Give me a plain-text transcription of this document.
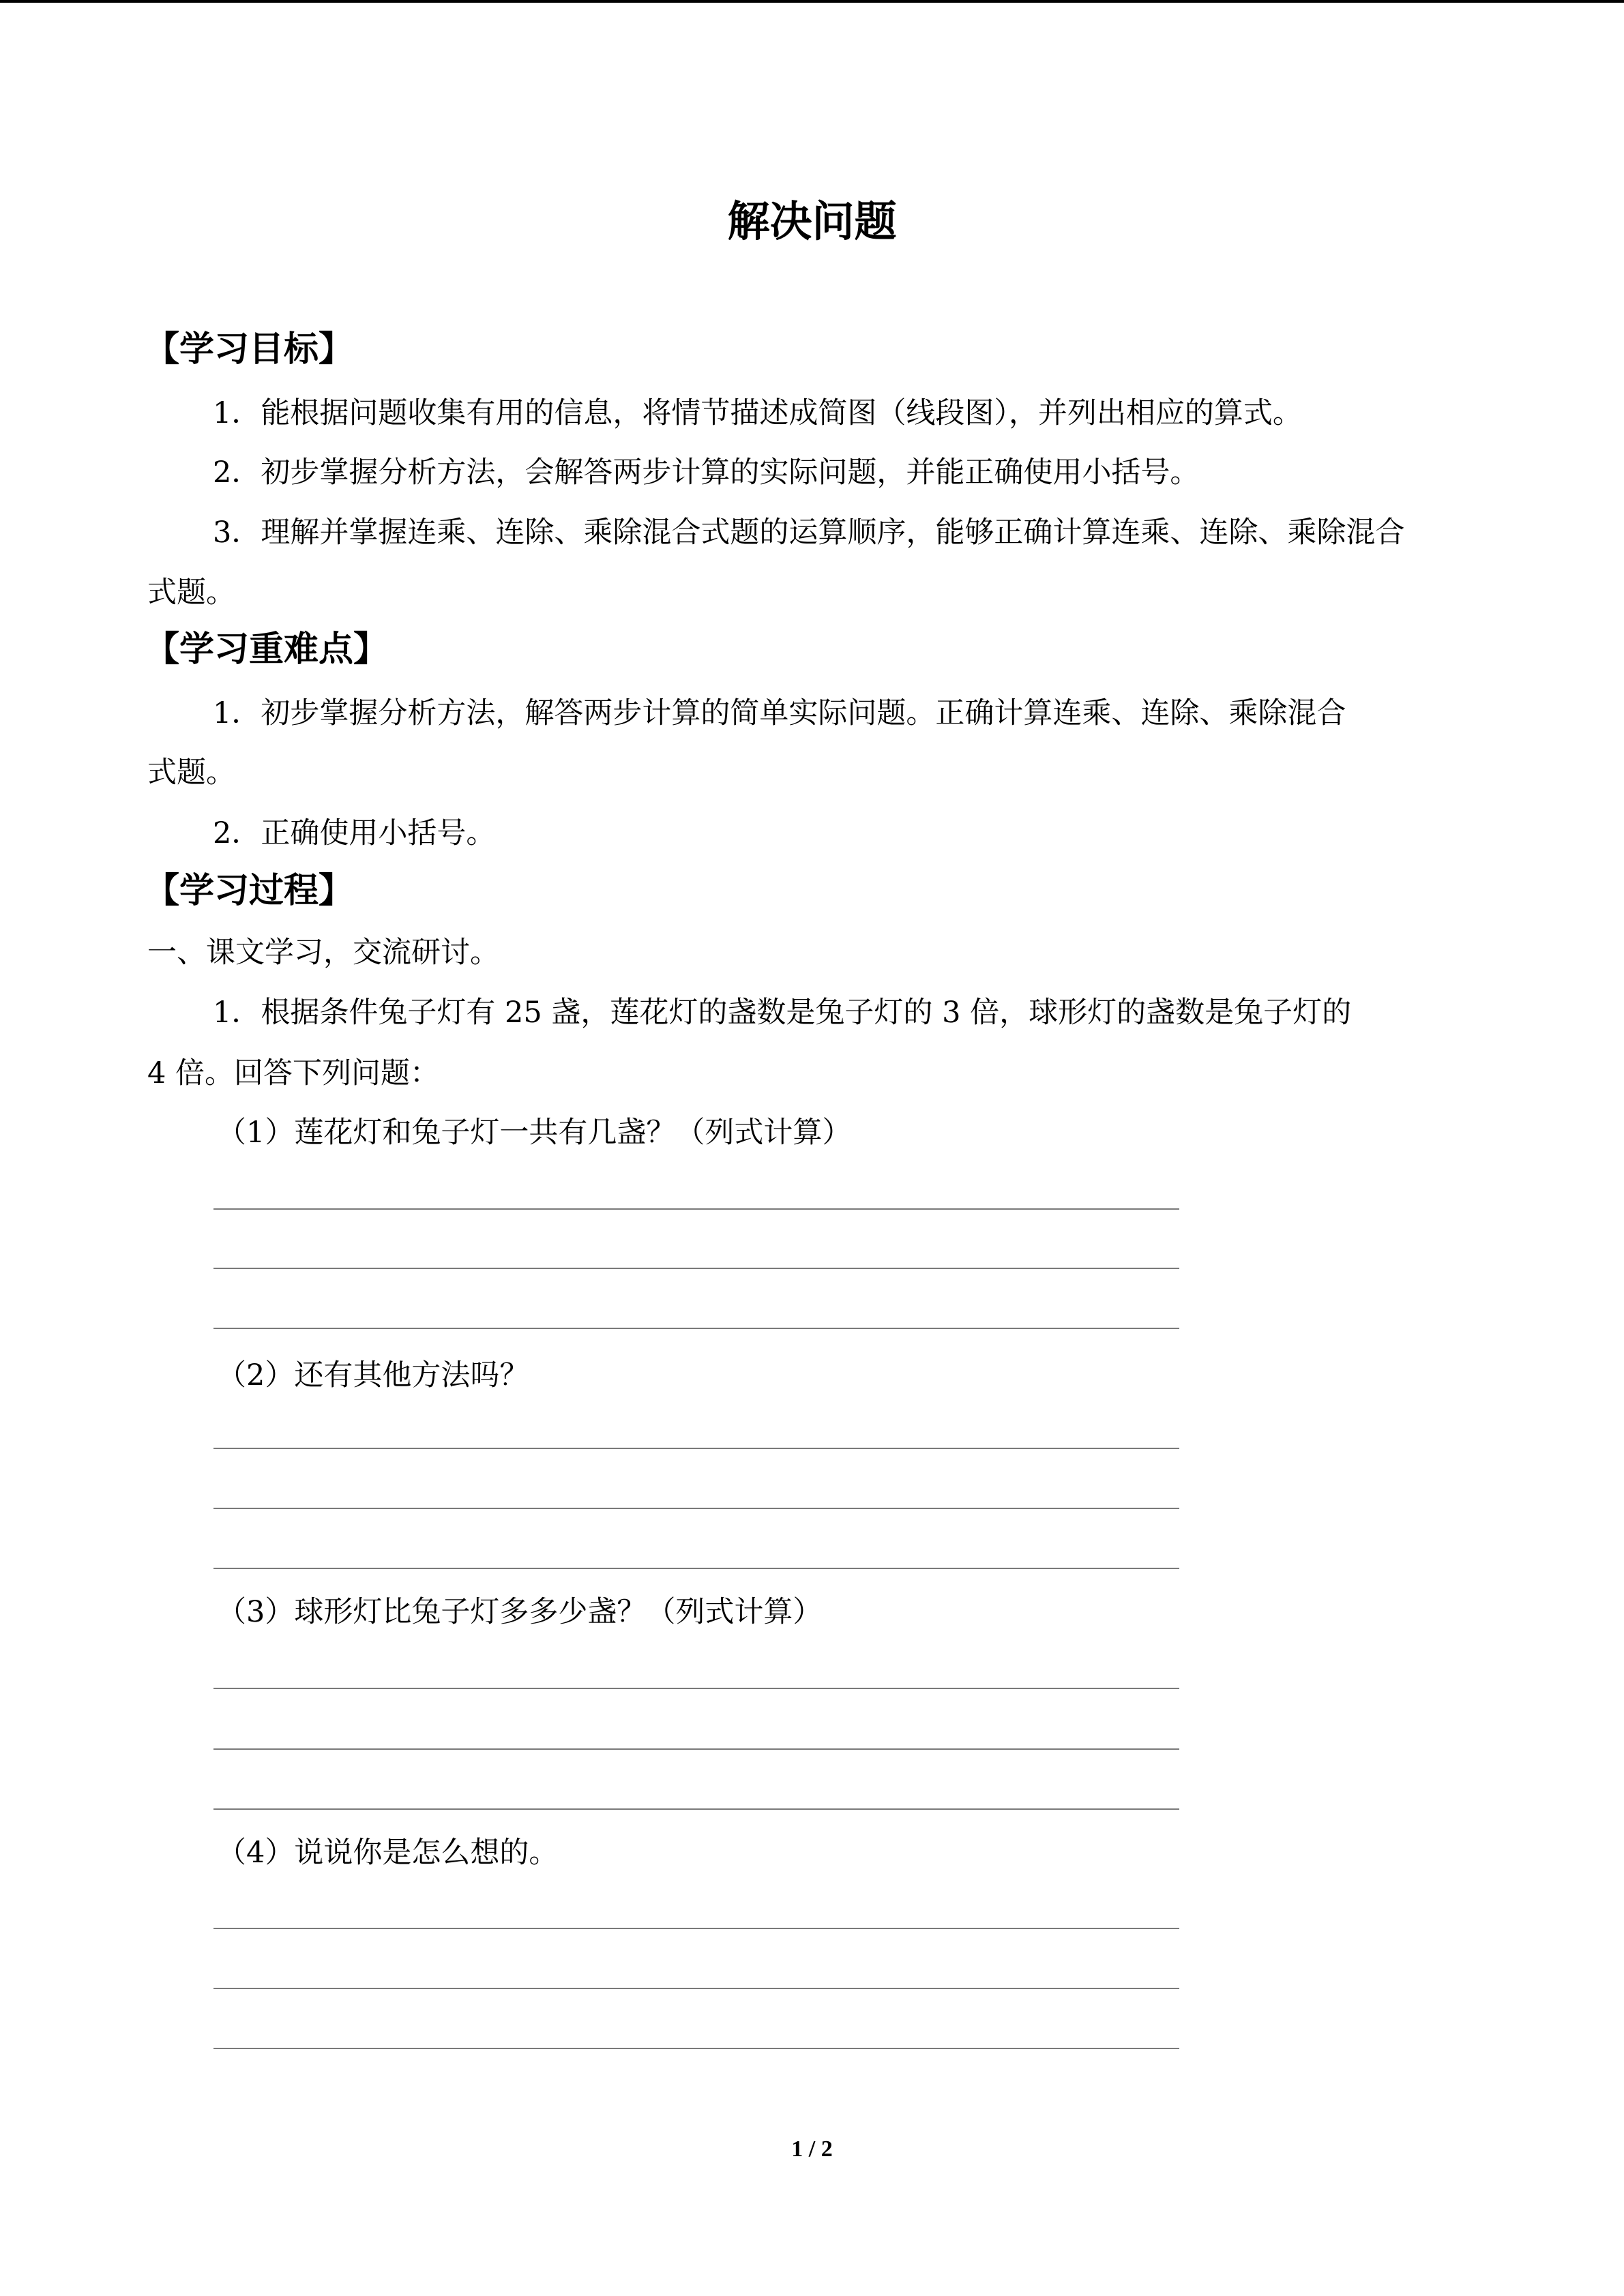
解决问题
【学习目标】
1．能根据问题收集有用的信息，将情节描述成简图（线段图），并列出相应的算式。
2．初步掌握分析方法，会解答两步计算的实际问题，并能正确使用小括号。
3．理解并掌握连乘、连除、乘除混合式题的运算顺序，能够正确计算连乘、连除、乘除混合
式题。
【学习重难点】
1．初步掌握分析方法，解答两步计算的简单实际问题。正确计算连乘、连除、乘除混合
式题。
2．正确使用小括号。
【学习过程】
一、课文学习，交流研讨。
1．根据条件兔子灯有 25 盏，莲花灯的盏数是兔子灯的 3 倍，球形灯的盏数是兔子灯的
4 倍。回答下列问题：
（1）莲花灯和兔子灯一共有几盏？（列式计算）
（2）还有其他方法吗？
（3）球形灯比兔子灯多多少盏？（列式计算）
（4）说说你是怎么想的。
1 / 2
